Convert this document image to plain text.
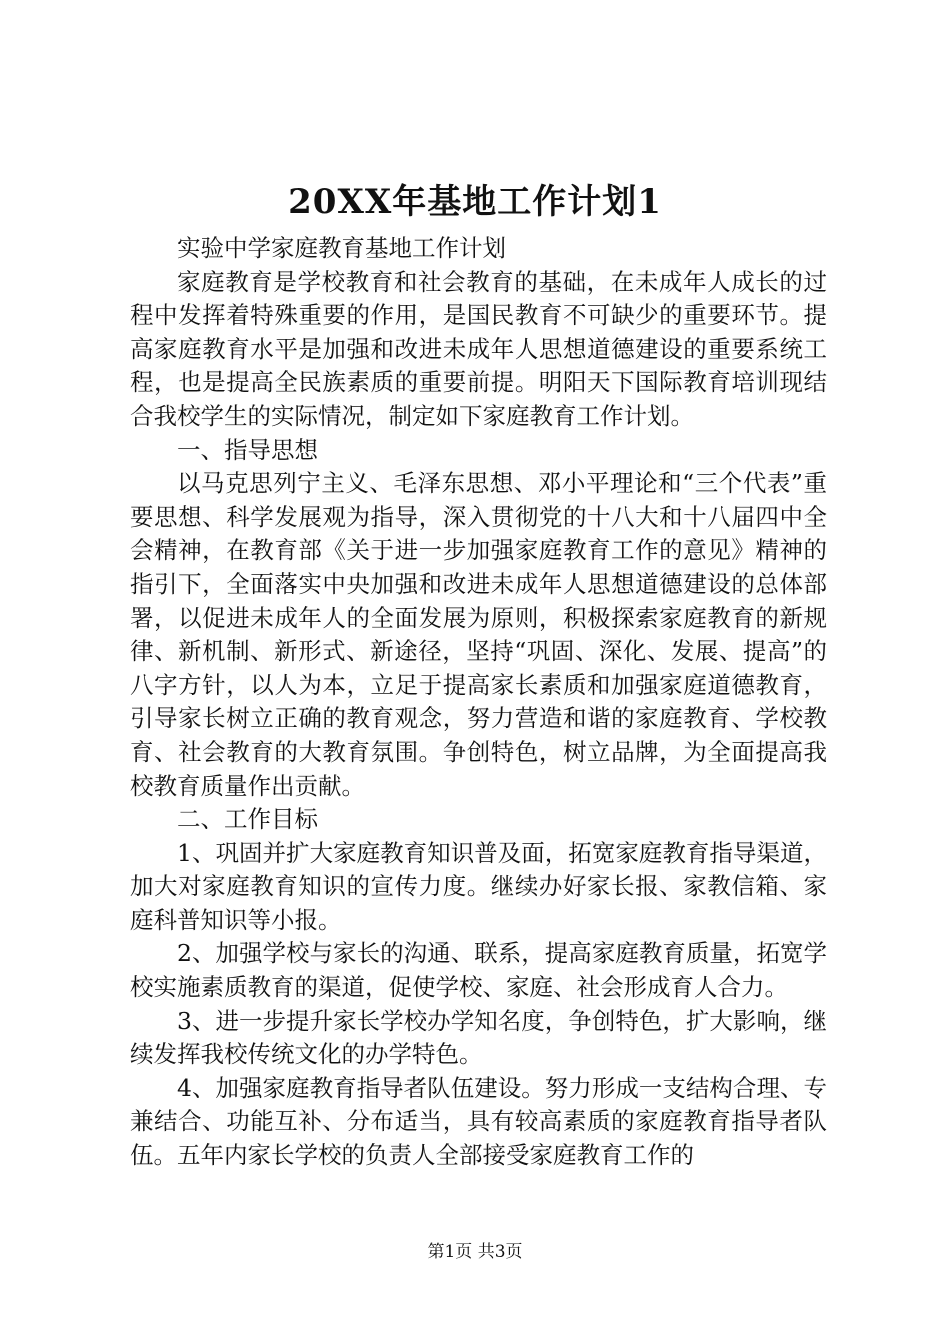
20XX年基地工作计划1

实验中学家庭教育基地工作计划

家庭教育是学校教育和社会教育的基础，在未成年人成长的过程中发挥着特殊重要的作用，是国民教育不可缺少的重要环节。提高家庭教育水平是加强和改进未成年人思想道德建设的重要系统工程，也是提高全民族素质的重要前提。明阳天下国际教育培训现结合我校学生的实际情况，制定如下家庭教育工作计划。

一、指导思想

以马克思列宁主义、毛泽东思想、邓小平理论和“三个代表”重要思想、科学发展观为指导，深入贯彻党的十八大和十八届四中全会精神，在教育部《关于进一步加强家庭教育工作的意见》精神的指引下，全面落实中央加强和改进未成年人思想道德建设的总体部署，以促进未成年人的全面发展为原则，积极探索家庭教育的新规律、新机制、新形式、新途径，坚持“巩固、深化、发展、提高”的八字方针，以人为本，立足于提高家长素质和加强家庭道德教育，引导家长树立正确的教育观念，努力营造和谐的家庭教育、学校教育、社会教育的大教育氛围。争创特色，树立品牌，为全面提高我校教育质量作出贡献。

二、工作目标

1、巩固并扩大家庭教育知识普及面，拓宽家庭教育指导渠道，加大对家庭教育知识的宣传力度。继续办好家长报、家教信箱、家庭科普知识等小报。

2、加强学校与家长的沟通、联系，提高家庭教育质量，拓宽学校实施素质教育的渠道，促使学校、家庭、社会形成育人合力。

3、进一步提升家长学校办学知名度，争创特色，扩大影响，继续发挥我校传统文化的办学特色。

4、加强家庭教育指导者队伍建设。努力形成一支结构合理、专兼结合、功能互补、分布适当，具有较高素质的家庭教育指导者队伍。五年内家长学校的负责人全部接受家庭教育工作的

第1页 共3页
